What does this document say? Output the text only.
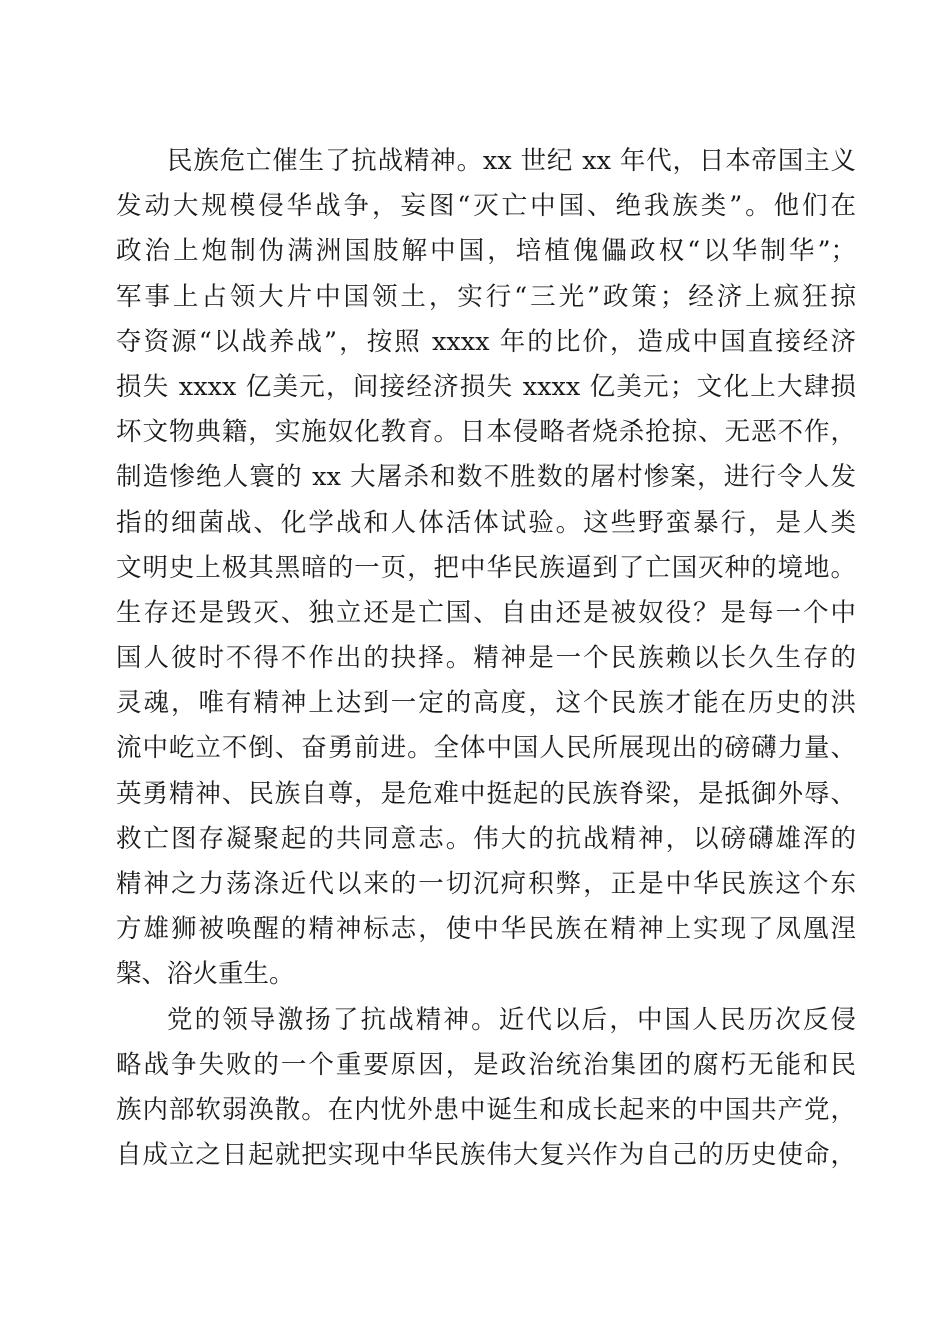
民族危亡催生了抗战精神。xx 世纪 xx 年代，日本帝国主义
发动大规模侵华战争，妄图“灭亡中国、绝我族类”。他们在
政治上炮制伪满洲国肢解中国，培植傀儡政权“以华制华”；
军事上占领大片中国领土，实行“三光”政策；经济上疯狂掠
夺资源“以战养战”，按照 xxxx 年的比价，造成中国直接经济
损失 xxxx 亿美元，间接经济损失 xxxx 亿美元；文化上大肆损
坏文物典籍，实施奴化教育。日本侵略者烧杀抢掠、无恶不作，
制造惨绝人寰的 xx 大屠杀和数不胜数的屠村惨案，进行令人发
指的细菌战、化学战和人体活体试验。这些野蛮暴行，是人类
文明史上极其黑暗的一页，把中华民族逼到了亡国灭种的境地。
生存还是毁灭、独立还是亡国、自由还是被奴役？是每一个中
国人彼时不得不作出的抉择。精神是一个民族赖以长久生存的
灵魂，唯有精神上达到一定的高度，这个民族才能在历史的洪
流中屹立不倒、奋勇前进。全体中国人民所展现出的磅礴力量、
英勇精神、民族自尊，是危难中挺起的民族脊梁，是抵御外辱、
救亡图存凝聚起的共同意志。伟大的抗战精神，以磅礴雄浑的
精神之力荡涤近代以来的一切沉疴积弊，正是中华民族这个东
方雄狮被唤醒的精神标志，使中华民族在精神上实现了凤凰涅
槃、浴火重生。
党的领导激扬了抗战精神。近代以后，中国人民历次反侵
略战争失败的一个重要原因，是政治统治集团的腐朽无能和民
族内部软弱涣散。在内忧外患中诞生和成长起来的中国共产党，
自成立之日起就把实现中华民族伟大复兴作为自己的历史使命，
